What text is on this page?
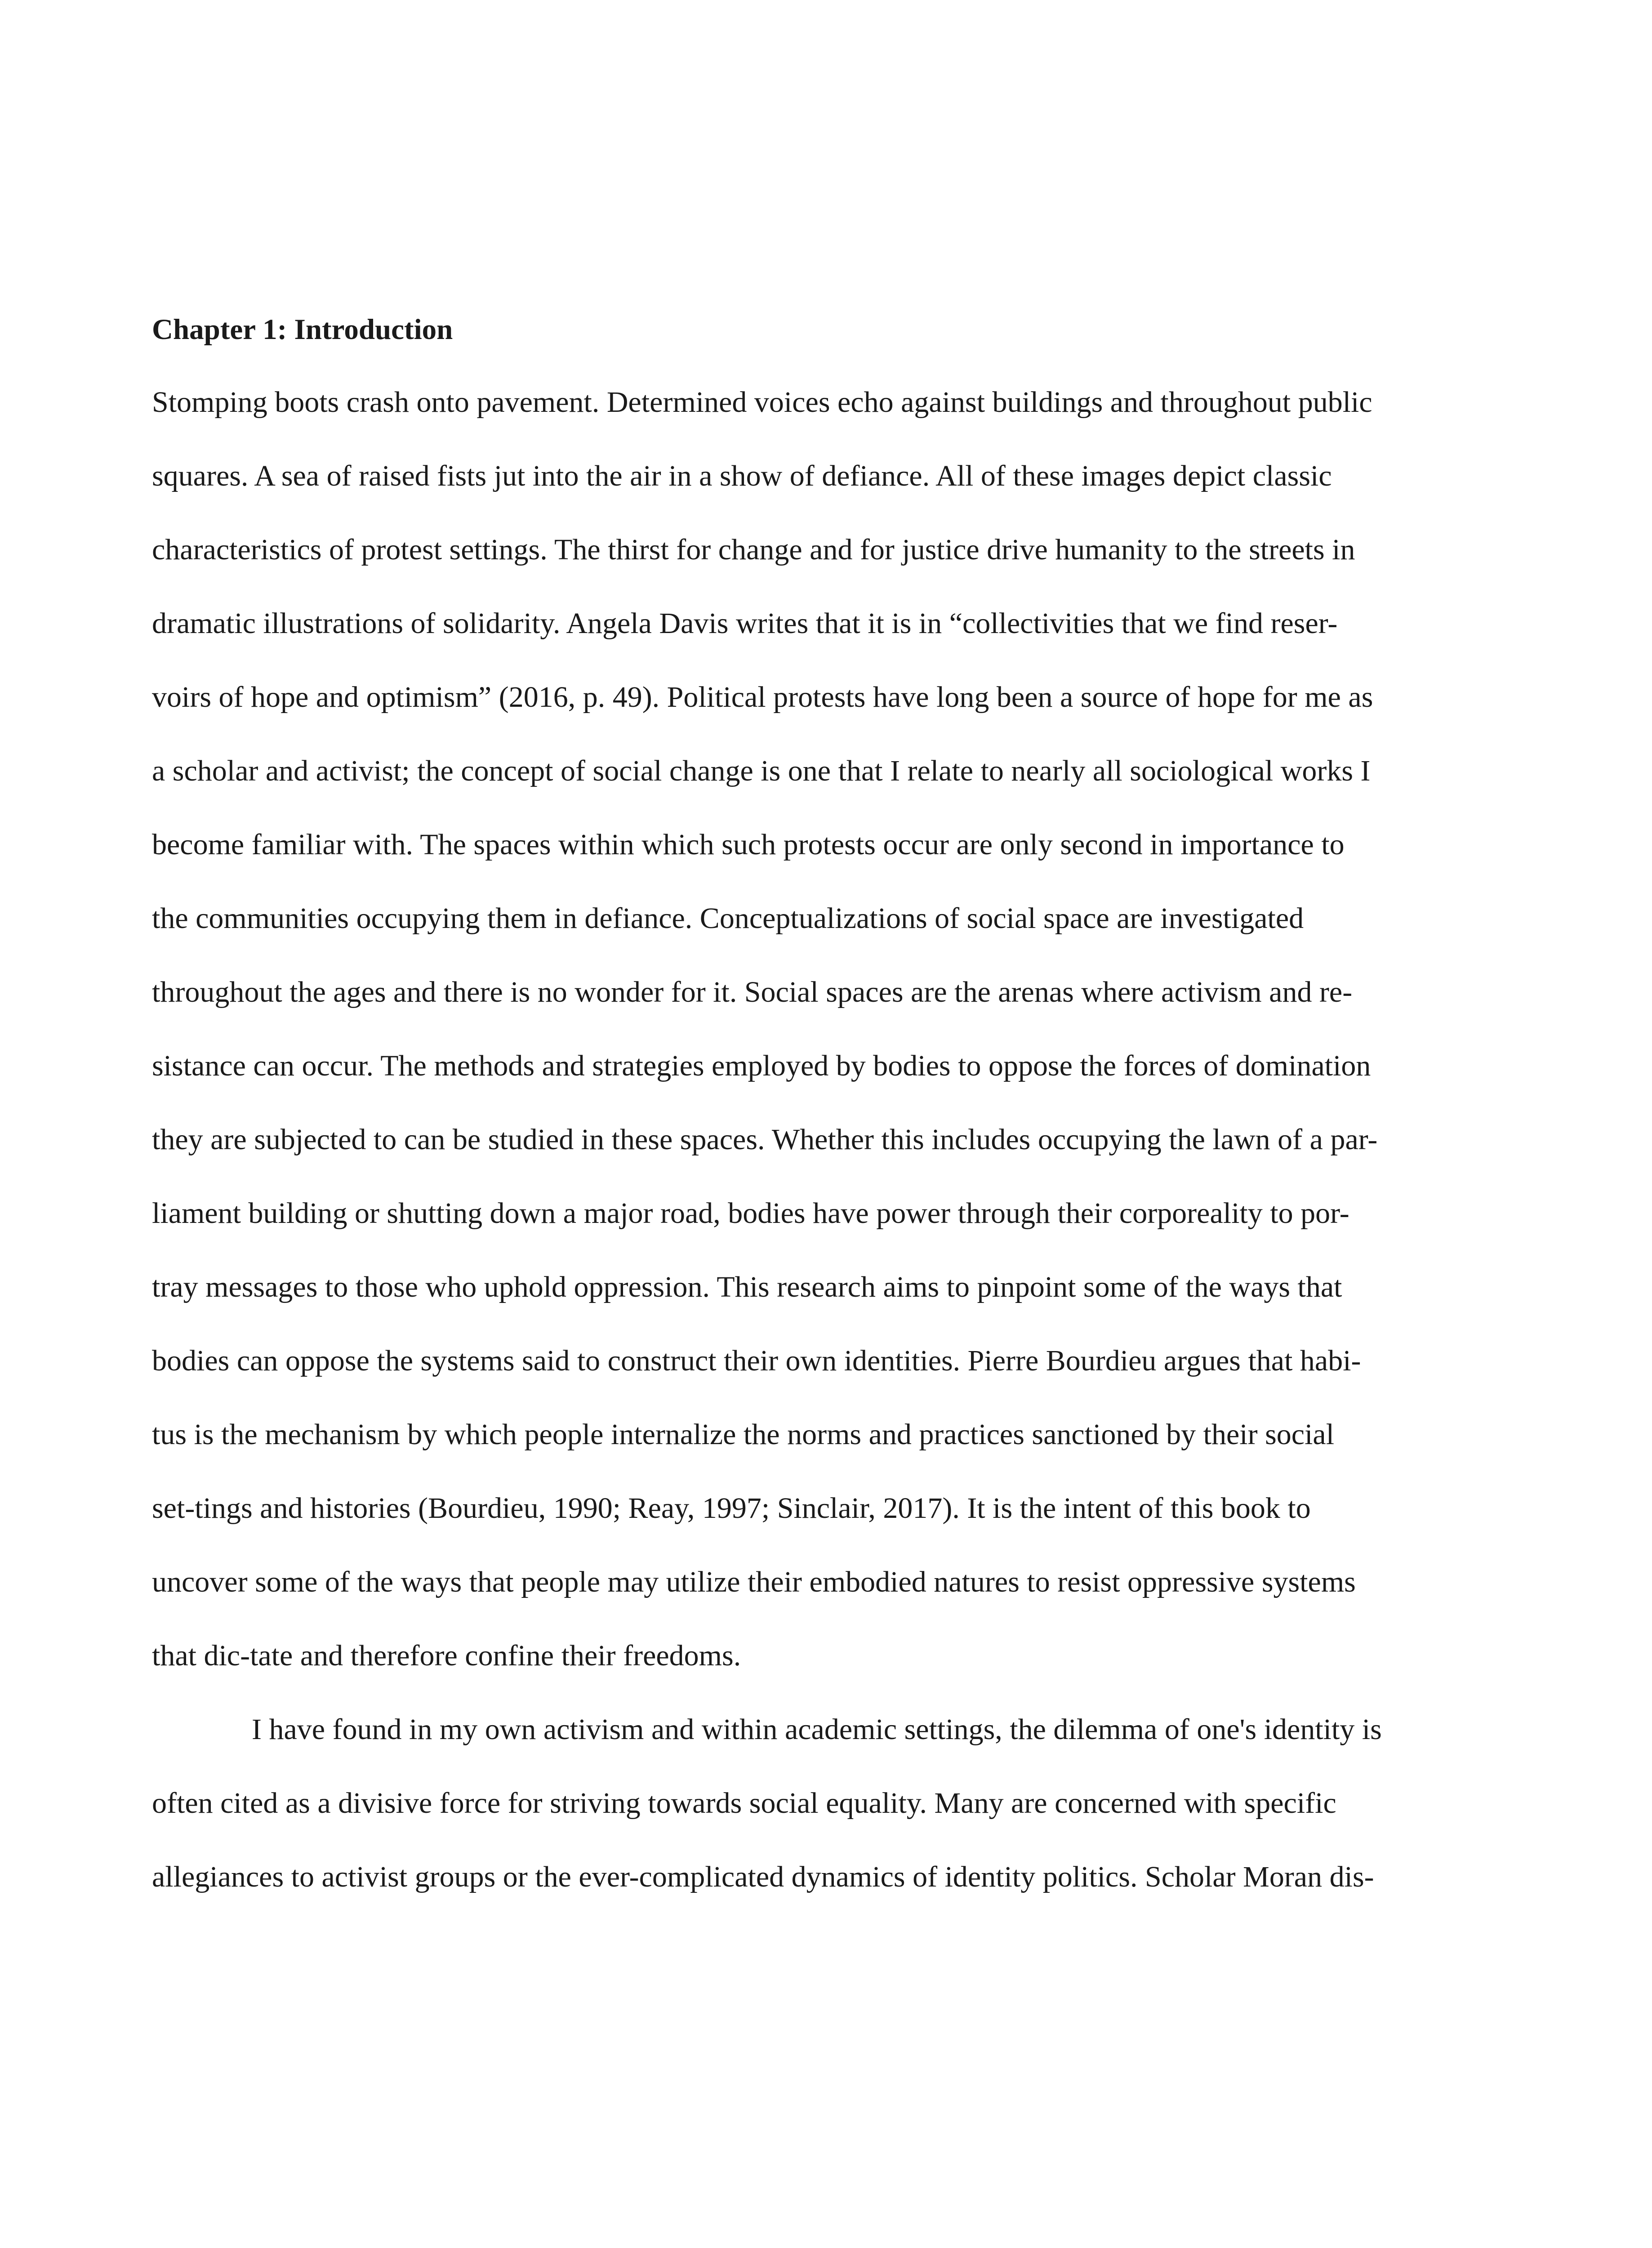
Chapter 1: Introduction
Stomping boots crash onto pavement. Determined voices echo against buildings and throughout public
squares. A sea of raised fists jut into the air in a show of defiance. All of these images depict classic
characteristics of protest settings. The thirst for change and for justice drive humanity to the streets in
dramatic illustrations of solidarity. Angela Davis writes that it is in “collectivities that we find reser-
voirs of hope and optimism” (2016, p. 49). Political protests have long been a source of hope for me as
a scholar and activist; the concept of social change is one that I relate to nearly all sociological works I
become familiar with. The spaces within which such protests occur are only second in importance to
the communities occupying them in defiance. Conceptualizations of social space are investigated
throughout the ages and there is no wonder for it. Social spaces are the arenas where activism and re-
sistance can occur. The methods and strategies employed by bodies to oppose the forces of domination
they are subjected to can be studied in these spaces. Whether this includes occupying the lawn of a par-
liament building or shutting down a major road, bodies have power through their corporeality to por-
tray messages to those who uphold oppression. This research aims to pinpoint some of the ways that
bodies can oppose the systems said to construct their own identities. Pierre Bourdieu argues that habi-
tus is the mechanism by which people internalize the norms and practices sanctioned by their social
set-tings and histories (Bourdieu, 1990; Reay, 1997; Sinclair, 2017). It is the intent of this book to
uncover some of the ways that people may utilize their embodied natures to resist oppressive systems
that dic-tate and therefore confine their freedoms.
I have found in my own activism and within academic settings, the dilemma of one's identity is
often cited as a divisive force for striving towards social equality. Many are concerned with specific
allegiances to activist groups or the ever-complicated dynamics of identity politics. Scholar Moran dis-
